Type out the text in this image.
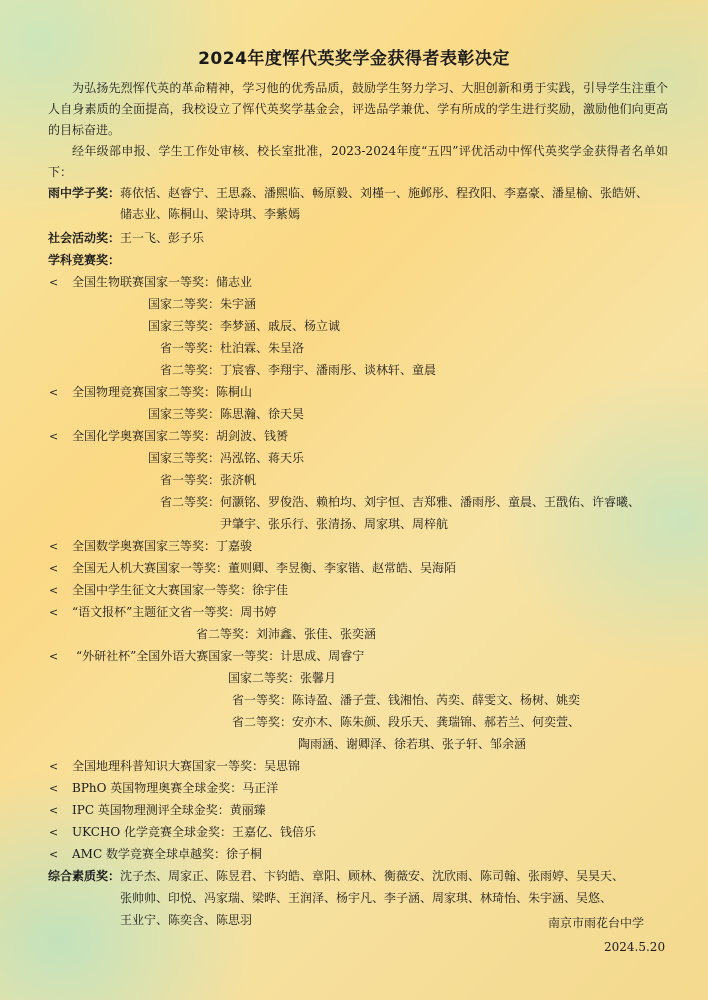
2024年度恽代英奖学金获得者表彰决定
为弘扬先烈恽代英的革命精神，学习他的优秀品质，鼓励学生努力学习、大胆创新和勇于实践，引导学生注重个人自身素质的全面提高，我校设立了恽代英奖学基金会，评选品学兼优、学有所成的学生进行奖励，激励他们向更高的目标奋进。
经年级部申报、学生工作处审核、校长室批准，2023-2024年度“五四”评优活动中恽代英奖学金获得者名单如下：
雨中学子奖： 蒋依恬、赵睿宁、王思淼、潘熙临、畅原毅、刘槿一、施邺彤、程孜阳、李嘉豪、潘星榆、张皓妍、
储志业、陈桐山、梁诗琪、李紫嫣
社会活动奖： 王一飞、彭子乐
学科竞赛奖：
< 全国生物联赛国家一等奖：储志业
国家二等奖：朱宇涵
国家三等奖：李梦涵、戚辰、杨立诚
省一等奖：杜泊霖、朱呈洛
省二等奖：丁宸睿、李翔宇、潘雨彤、谈林轩、童晨
< 全国物理竞赛国家二等奖：陈桐山
国家三等奖：陈思瀚、徐天昊
< 全国化学奥赛国家二等奖：胡剑波、钱赟
国家三等奖：冯泓铭、蒋天乐
省一等奖：张济帆
省二等奖：何灏铭、罗俊浩、赖柏均、刘宇恒、吉郑雅、潘雨彤、童晨、王戬佑、许睿曦、
尹肇宇、张乐行、张清扬、周家琪、周梓航
< 全国数学奥赛国家三等奖：丁嘉骏
< 全国无人机大赛国家一等奖：董则卿、李昱衡、李家锴、赵常皓、吴海陌
< 全国中学生征文大赛国家一等奖：徐宇佳
< “语文报杯”主题征文省一等奖：周书婷
省二等奖：刘沛鑫、张佳、张奕涵
< “外研社杯”全国外语大赛国家一等奖：计思成、周睿宁
国家二等奖：张馨月
省一等奖：陈诗盈、潘子萱、钱湘怡、芮奕、薛雯文、杨树、姚奕
省二等奖：安亦木、陈朱颜、段乐天、龚瑞锦、郝若兰、何奕萱、
陶雨涵、谢卿泽、徐若琪、张子轩、邹余涵
< 全国地理科普知识大赛国家一等奖：吴思锦
< BPhO 英国物理奥赛全球金奖：马正洋
< IPC 英国物理测评全球金奖：黄丽臻
< UKCHO 化学竞赛全球金奖：王嘉亿、钱倍乐
< AMC 数学竞赛全球卓越奖：徐子桐
综合素质奖： 沈子杰、周家正、陈昱君、卞钧皓、章阳、顾林、衡薇安、沈欣雨、陈司翰、张雨婷、吴昊天、
张帅帅、印悦、冯家瑞、梁晔、王润泽、杨宇凡、李子涵、周家琪、林琦怡、朱宇涵、吴悠、
王业宁、陈奕含、陈思羽	南京市雨花台中学
2024.5.20
